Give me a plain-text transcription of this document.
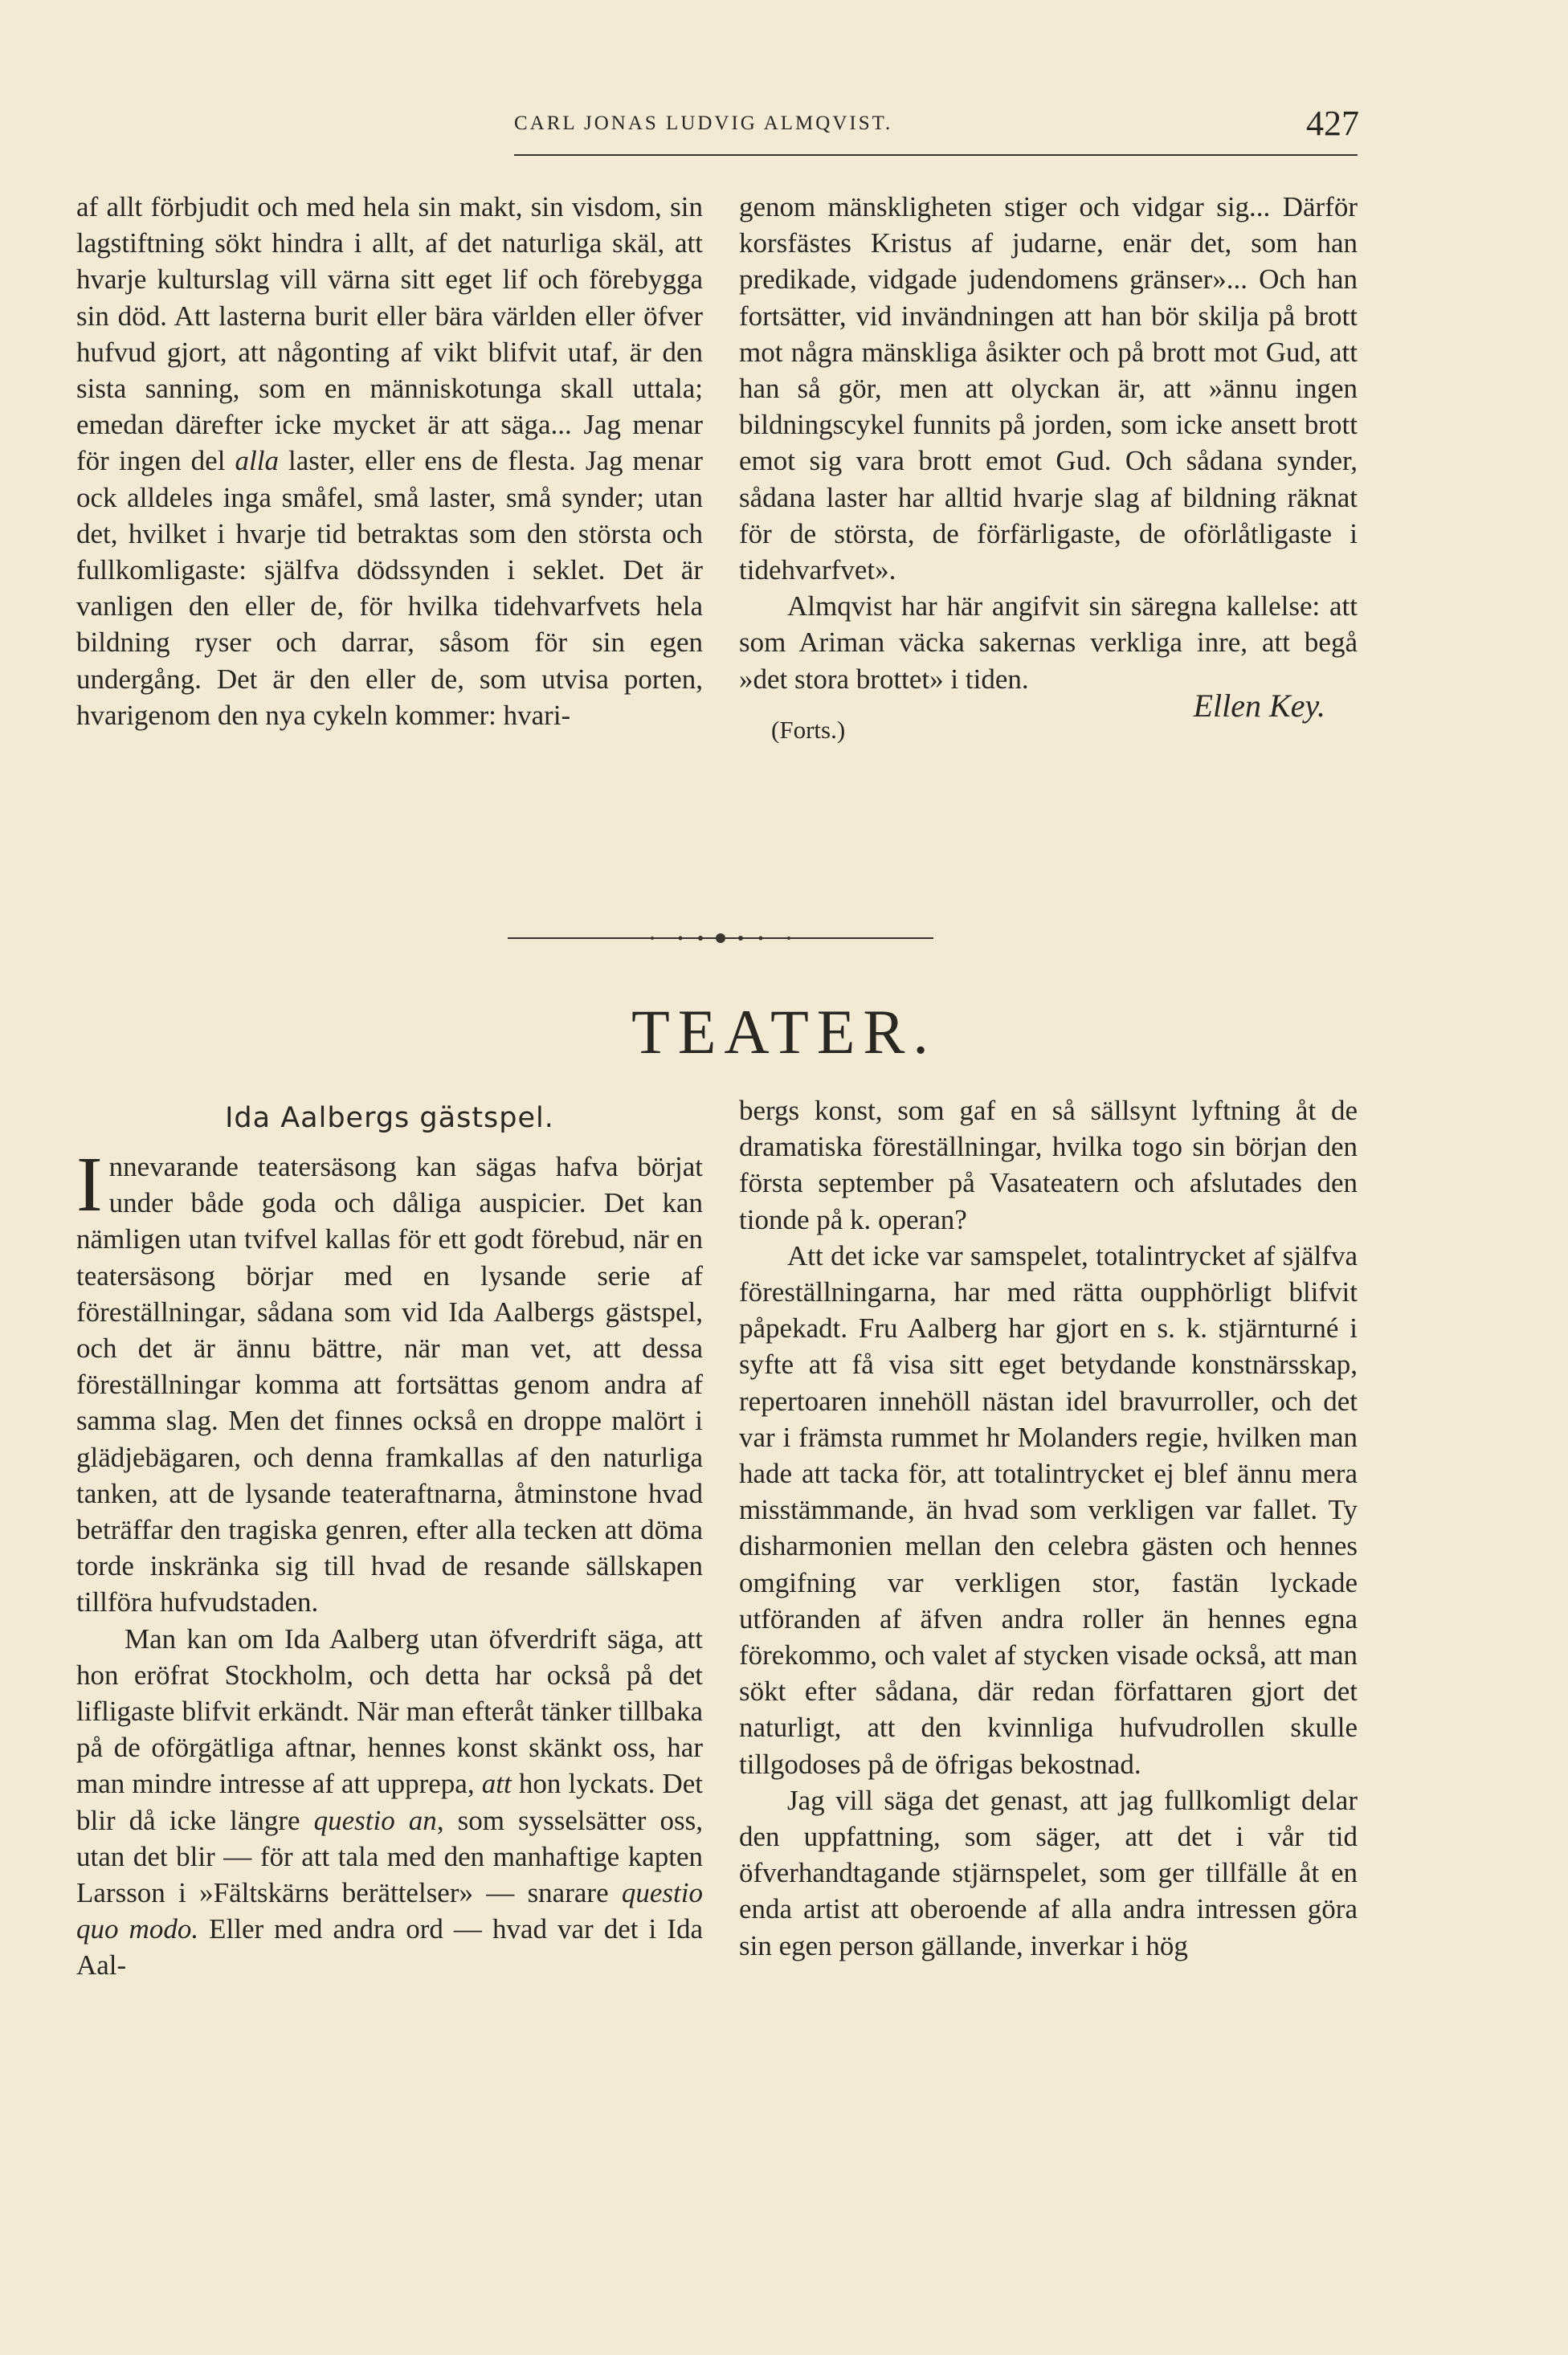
CARL JONAS LUDVIG ALMQVIST.	427

af allt förbjudit och med hela sin makt, sin visdom, sin lagstiftning sökt hindra i allt, af det naturliga skäl, att hvarje kulturslag vill värna sitt eget lif och förebygga sin död. Att lasterna burit eller bära världen eller öfver hufvud gjort, att någonting af vikt blifvit utaf, är den sista sanning, som en människotunga skall uttala; emedan därefter icke mycket är att säga... Jag menar för ingen del alla laster, eller ens de flesta. Jag menar ock alldeles inga småfel, små laster, små synder; utan det, hvilket i hvarje tid betraktas som den största och fullkomligaste: själfva dödssynden i seklet. Det är vanligen den eller de, för hvilka tidehvarfvets hela bildning ryser och darrar, såsom för sin egen undergång. Det är den eller de, som utvisa porten, hvarigenom den nya cykeln kommer: hvari-

genom mänskligheten stiger och vidgar sig... Därför korsfästes Kristus af judarne, enär det, som han predikade, vidgade judendomens gränser»... Och han fortsätter, vid invändningen att han bör skilja på brott mot några mänskliga åsikter och på brott mot Gud, att han så gör, men att olyckan är, att »ännu ingen bildningscykel funnits på jorden, som icke ansett brott emot sig vara brott emot Gud. Och sådana synder, sådana laster har alltid hvarje slag af bildning räknat för de största, de förfärligaste, de oförlåtligaste i tidehvarfvet».

Almqvist har här angifvit sin säregna kallelse: att som Ariman väcka sakernas verkliga inre, att begå »det stora brottet» i tiden.

(Forts.)
Ellen Key.
TEATER.
Ida Aalbergs gästspel.

Innevarande teatersäsong kan sägas hafva börjat under både goda och dåliga auspicier. Det kan nämligen utan tvifvel kallas för ett godt förebud, när en teatersäsong börjar med en lysande serie af föreställningar, sådana som vid Ida Aalbergs gästspel, och det är ännu bättre, när man vet, att dessa föreställningar komma att fortsättas genom andra af samma slag. Men det finnes också en droppe malört i glädjebägaren, och denna framkallas af den naturliga tanken, att de lysande teateraftnarna, åtminstone hvad beträffar den tragiska genren, efter alla tecken att döma torde inskränka sig till hvad de resande sällskapen tillföra hufvudstaden.

Man kan om Ida Aalberg utan öfverdrift säga, att hon eröfrat Stockholm, och detta har också på det lifligaste blifvit erkändt. När man efteråt tänker tillbaka på de oförgätliga aftnar, hennes konst skänkt oss, har man mindre intresse af att upprepa, att hon lyckats. Det blir då icke längre questio an, som sysselsätter oss, utan det blir — för att tala med den manhaftige kapten Larsson i »Fältskärns berättelser» — snarare questio quo modo. Eller med andra ord — hvad var det i Ida Aal-

bergs konst, som gaf en så sällsynt lyftning åt de dramatiska föreställningar, hvilka togo sin början den första september på Vasateatern och afslutades den tionde på k. operan?

Att det icke var samspelet, totalintrycket af själfva föreställningarna, har med rätta oupphörligt blifvit påpekadt. Fru Aalberg har gjort en s. k. stjärnturné i syfte att få visa sitt eget betydande konstnärsskap, repertoaren innehöll nästan idel bravurroller, och det var i främsta rummet hr Molanders regie, hvilken man hade att tacka för, att totalintrycket ej blef ännu mera misstämmande, än hvad som verkligen var fallet. Ty disharmonien mellan den celebra gästen och hennes omgifning var verkligen stor, fastän lyckade utföranden af äfven andra roller än hennes egna förekommo, och valet af stycken visade också, att man sökt efter sådana, där redan författaren gjort det naturligt, att den kvinnliga hufvudrollen skulle tillgodoses på de öfrigas bekostnad.

Jag vill säga det genast, att jag fullkomligt delar den uppfattning, som säger, att det i vår tid öfverhandtagande stjärnspelet, som ger tillfälle åt en enda artist att oberoende af alla andra intressen göra sin egen person gällande, inverkar i hög
